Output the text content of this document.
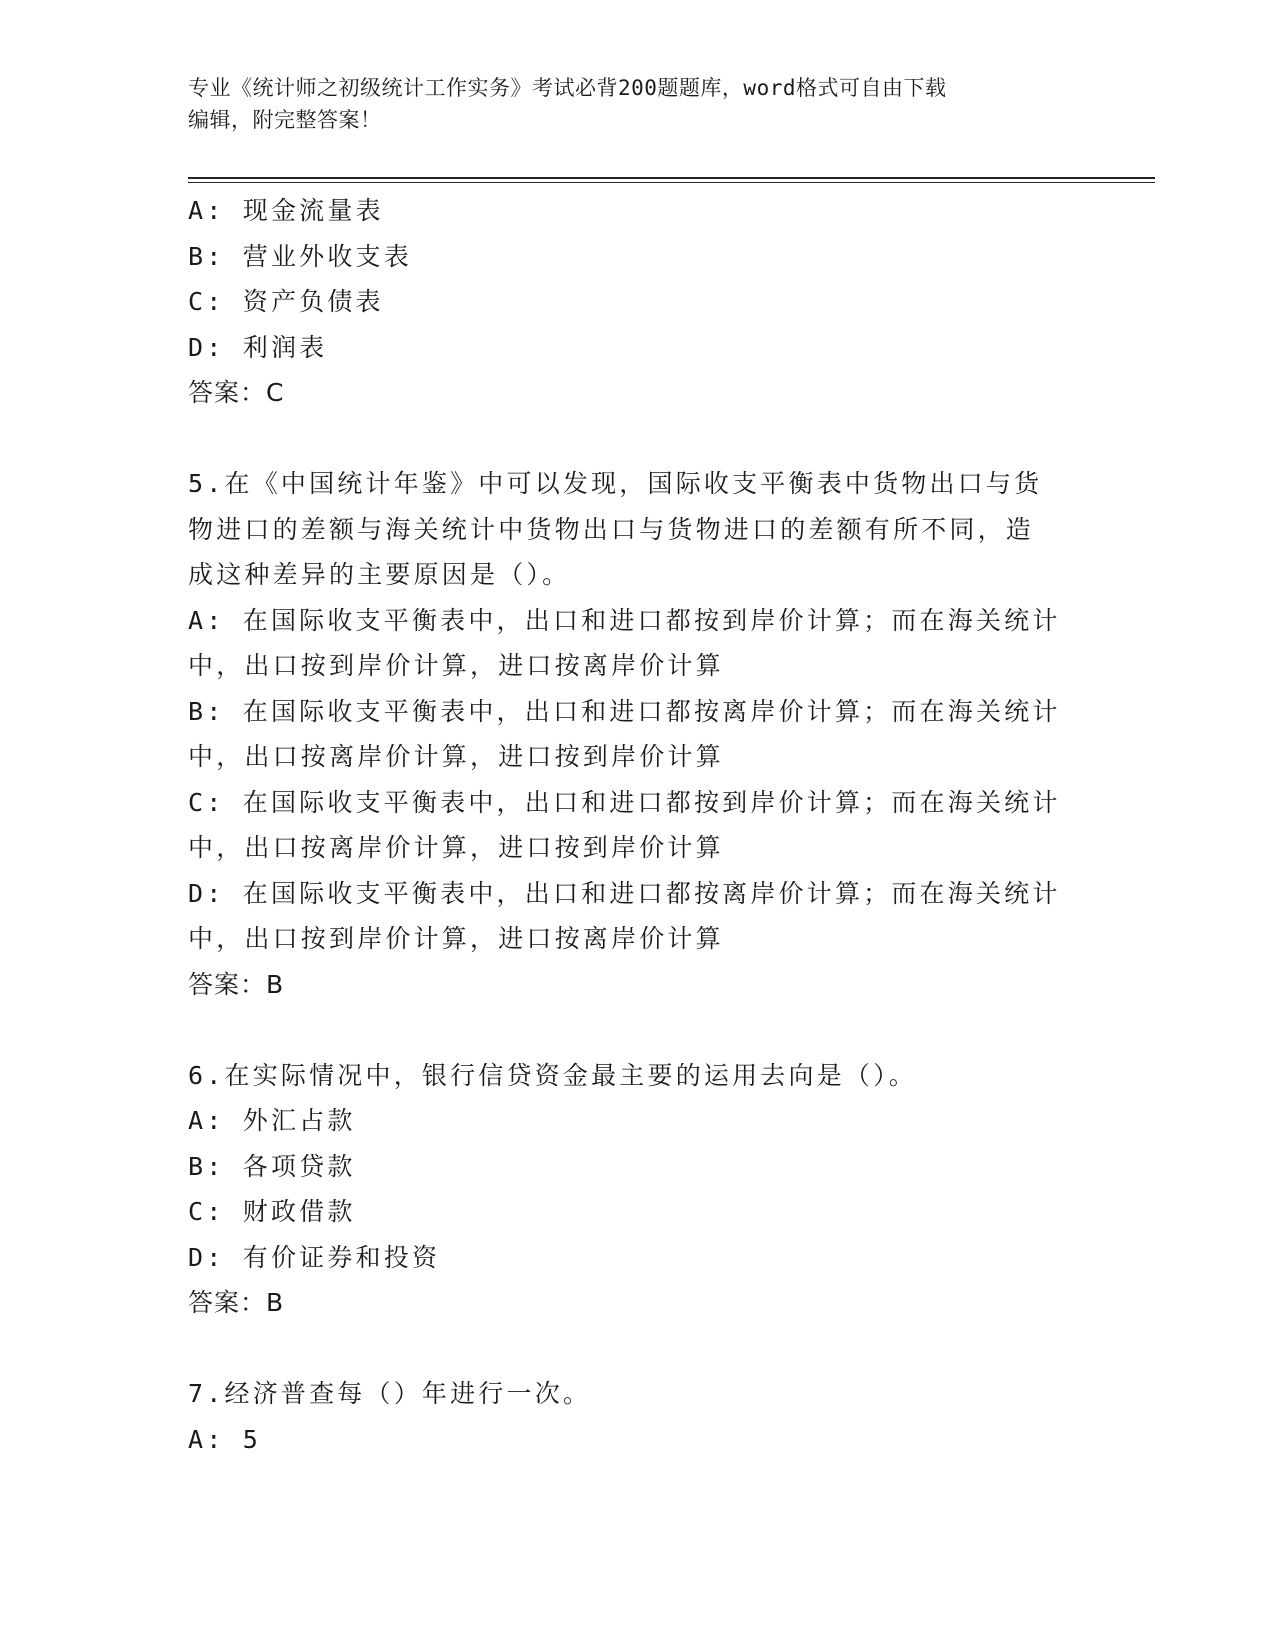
专业《统计师之初级统计工作实务》考试必背200题题库，word格式可自由下载
编辑，附完整答案！
A: 现金流量表
B: 营业外收支表
C: 资产负债表
D: 利润表
答案：C
5.在《中国统计年鉴》中可以发现，国际收支平衡表中货物出口与货
物进口的差额与海关统计中货物出口与货物进口的差额有所不同，造
成这种差异的主要原因是（）。
A: 在国际收支平衡表中，出口和进口都按到岸价计算；而在海关统计
中，出口按到岸价计算，进口按离岸价计算
B: 在国际收支平衡表中，出口和进口都按离岸价计算；而在海关统计
中，出口按离岸价计算，进口按到岸价计算
C: 在国际收支平衡表中，出口和进口都按到岸价计算；而在海关统计
中，出口按离岸价计算，进口按到岸价计算
D: 在国际收支平衡表中，出口和进口都按离岸价计算；而在海关统计
中，出口按到岸价计算，进口按离岸价计算
答案：B
6.在实际情况中，银行信贷资金最主要的运用去向是（）。
A: 外汇占款
B: 各项贷款
C: 财政借款
D: 有价证券和投资
答案：B
7.经济普查每（）年进行一次。
A: 5
